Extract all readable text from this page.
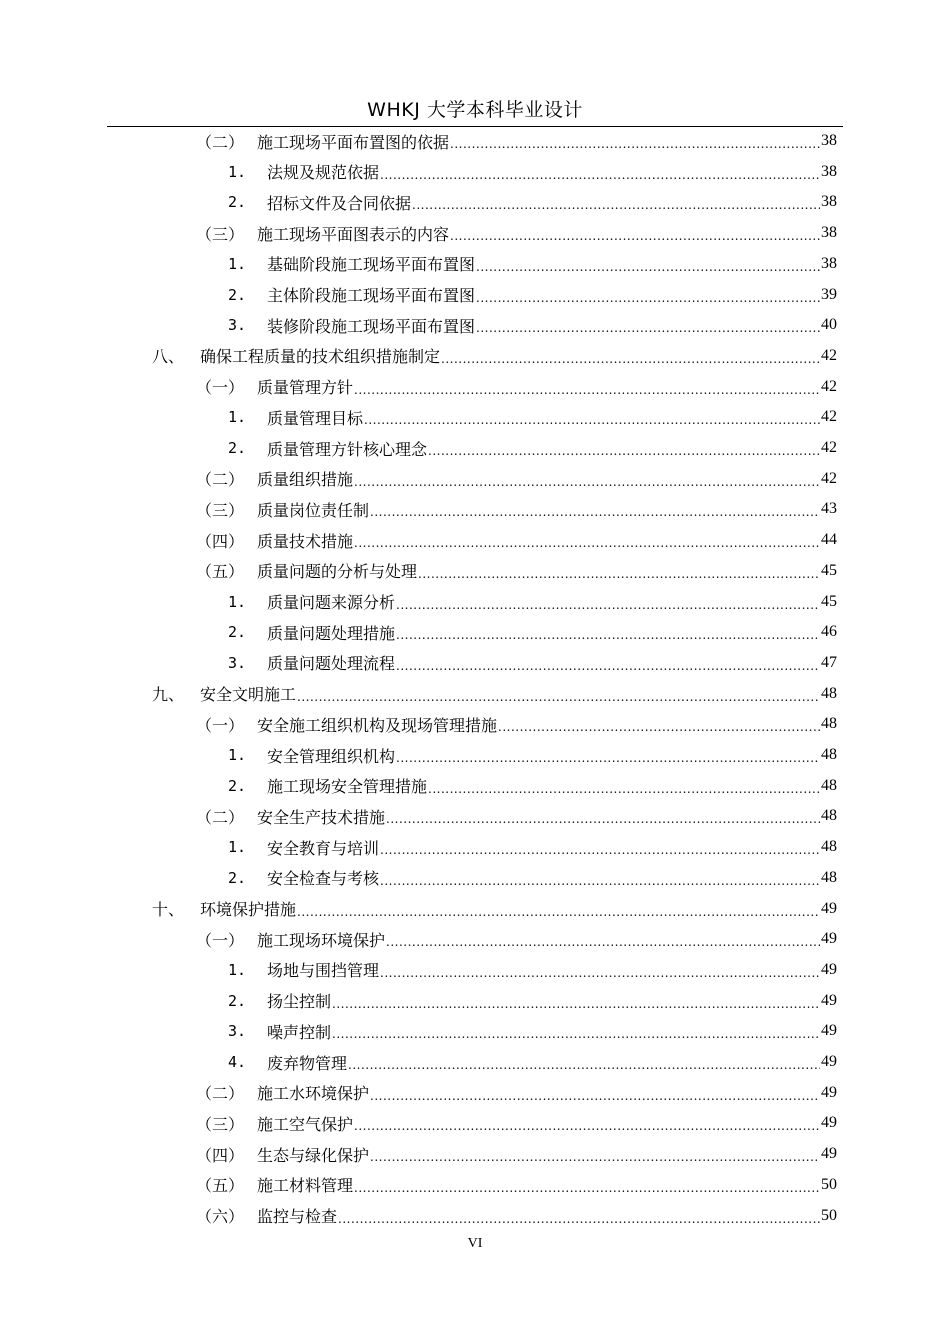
WHKJ 大学本科毕业设计
（二） 施工现场平面布置图的依据 .....	38
1.	法规及规范依据 .....	38
2.	招标文件及合同依据 .....	38
（三） 施工现场平面图表示的内容 .....	38
1.	基础阶段施工现场平面布置图 .....	38
2.	主体阶段施工现场平面布置图 .....	39
3.	装修阶段施工现场平面布置图 .....	40
八、 确保工程质量的技术组织措施制定 .....	42
（一） 质量管理方针 .....	42
1.	质量管理目标 .....	42
2.	质量管理方针核心理念 .....	42
（二） 质量组织措施 .....	42
（三） 质量岗位责任制 .....	43
（四） 质量技术措施 .....	44
（五） 质量问题的分析与处理 .....	45
1.	质量问题来源分析 .....	45
2.	质量问题处理措施 .....	46
3.	质量问题处理流程 .....	47
九、 安全文明施工 .....	48
（一） 安全施工组织机构及现场管理措施 .....	48
1.	安全管理组织机构 .....	48
2.	施工现场安全管理措施 .....	48
（二） 安全生产技术措施 .....	48
1.	安全教育与培训 .....	48
2.	安全检查与考核 .....	48
十、 环境保护措施 .....	49
（一） 施工现场环境保护 .....	49
1.	场地与围挡管理 .....	49
2.	扬尘控制 .....	49
3.	噪声控制 .....	49
4.	废弃物管理 .....	49
（二） 施工水环境保护 .....	49
（三） 施工空气保护 .....	49
（四） 生态与绿化保护 .....	49
（五） 施工材料管理 .....	50
（六） 监控与检查 .....	50
VI
